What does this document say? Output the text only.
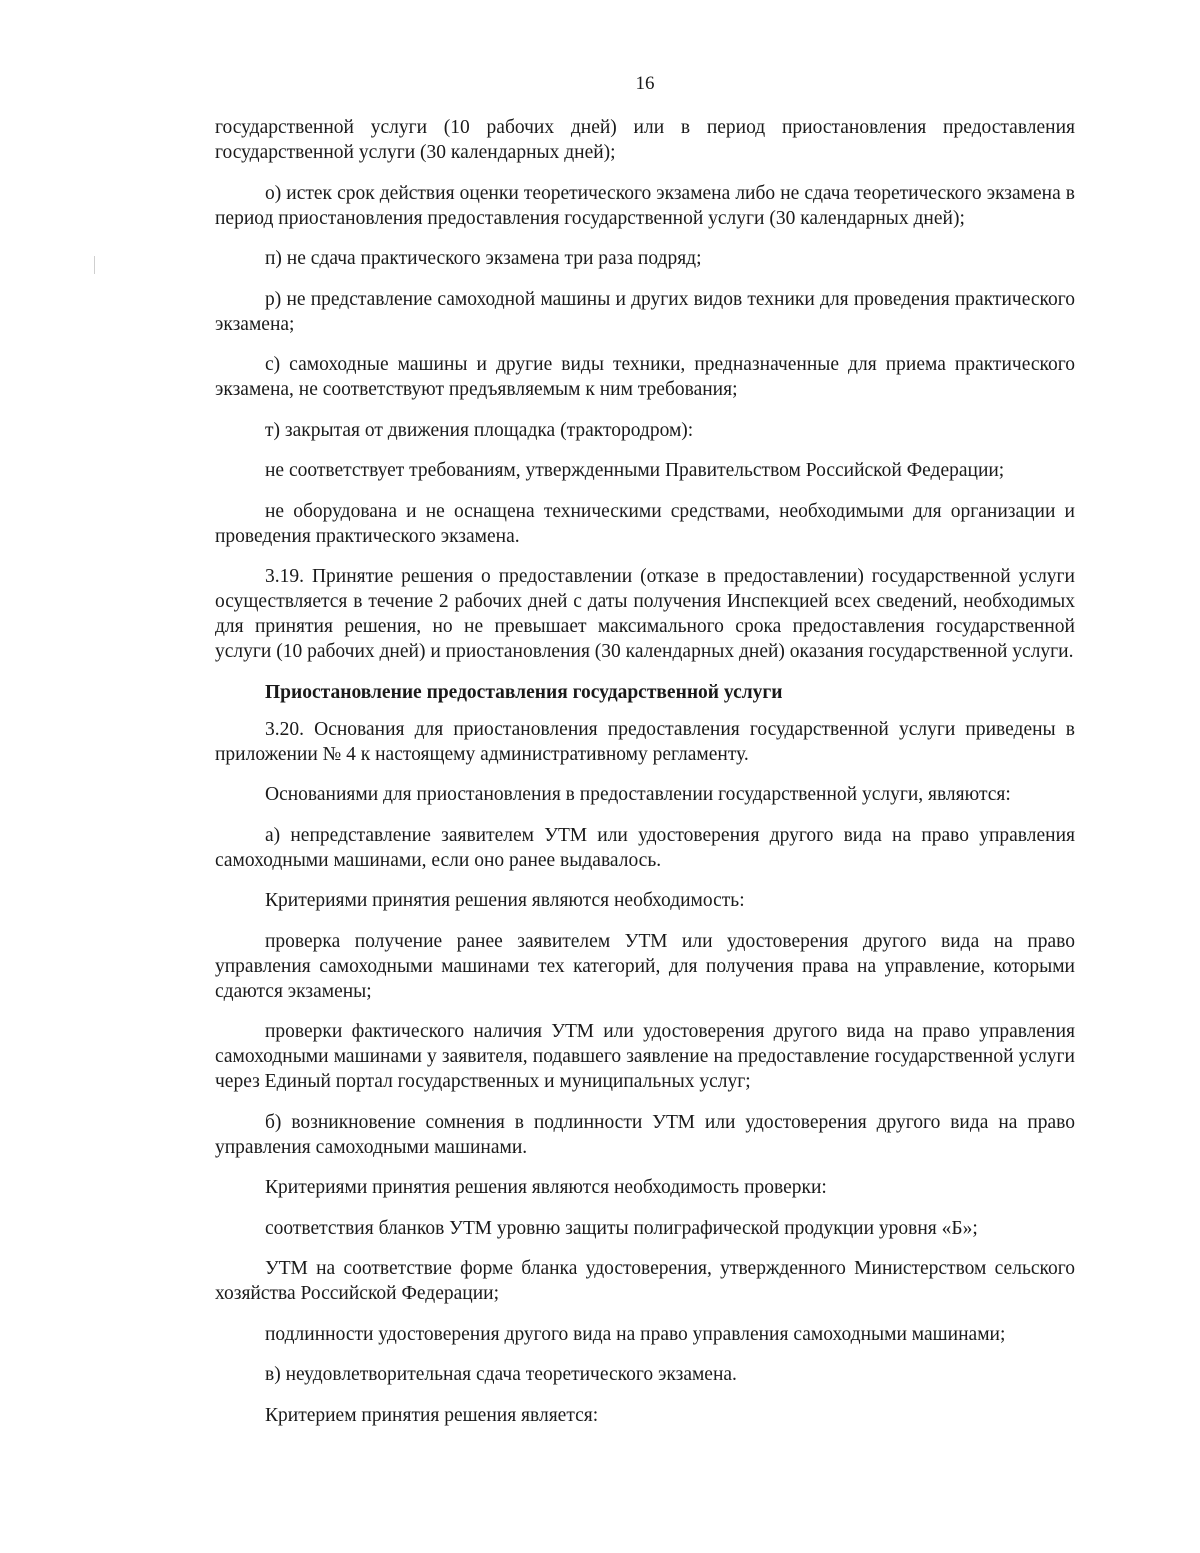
16

государственной услуги (10 рабочих дней) или в период приостановления предоставления государственной услуги (30 календарных дней);

о) истек срок действия оценки теоретического экзамена либо не сдача теоретического экзамена в период приостановления предоставления государственной услуги (30 календарных дней);

п) не сдача практического экзамена три раза подряд;

р) не представление самоходной машины и других видов техники для проведения практического экзамена;

с) самоходные машины и другие виды техники, предназначенные для приема практического экзамена, не соответствуют предъявляемым к ним требования;

т) закрытая от движения площадка (трактородром):

не соответствует требованиям, утвержденными Правительством Российской Федерации;

не оборудована и не оснащена техническими средствами, необходимыми для организации и проведения практического экзамена.

3.19. Принятие решения о предоставлении (отказе в предоставлении) государственной услуги осуществляется в течение 2 рабочих дней с даты получения Инспекцией всех сведений, необходимых для принятия решения, но не превышает максимального срока предоставления государственной услуги (10 рабочих дней) и приостановления (30 календарных дней) оказания государственной услуги.

Приостановление предоставления государственной услуги

3.20. Основания для приостановления предоставления государственной услуги приведены в приложении № 4 к настоящему административному регламенту.

Основаниями для приостановления в предоставлении государственной услуги, являются:

а) непредставление заявителем УТМ или удостоверения другого вида на право управления самоходными машинами, если оно ранее выдавалось.

Критериями принятия решения являются необходимость:

проверка получение ранее заявителем УТМ или удостоверения другого вида на право управления самоходными машинами тех категорий, для получения права на управление, которыми сдаются экзамены;

проверки фактического наличия УТМ или удостоверения другого вида на право управления самоходными машинами у заявителя, подавшего заявление на предоставление государственной услуги через Единый портал государственных и муниципальных услуг;

б) возникновение сомнения в подлинности УТМ или удостоверения другого вида на право управления самоходными машинами.

Критериями принятия решения являются необходимость проверки:

соответствия бланков УТМ уровню защиты полиграфической продукции уровня «Б»;

УТМ на соответствие форме бланка удостоверения, утвержденного Министерством сельского хозяйства Российской Федерации;

подлинности удостоверения другого вида на право управления самоходными машинами;

в) неудовлетворительная сдача теоретического экзамена.

Критерием принятия решения является:
